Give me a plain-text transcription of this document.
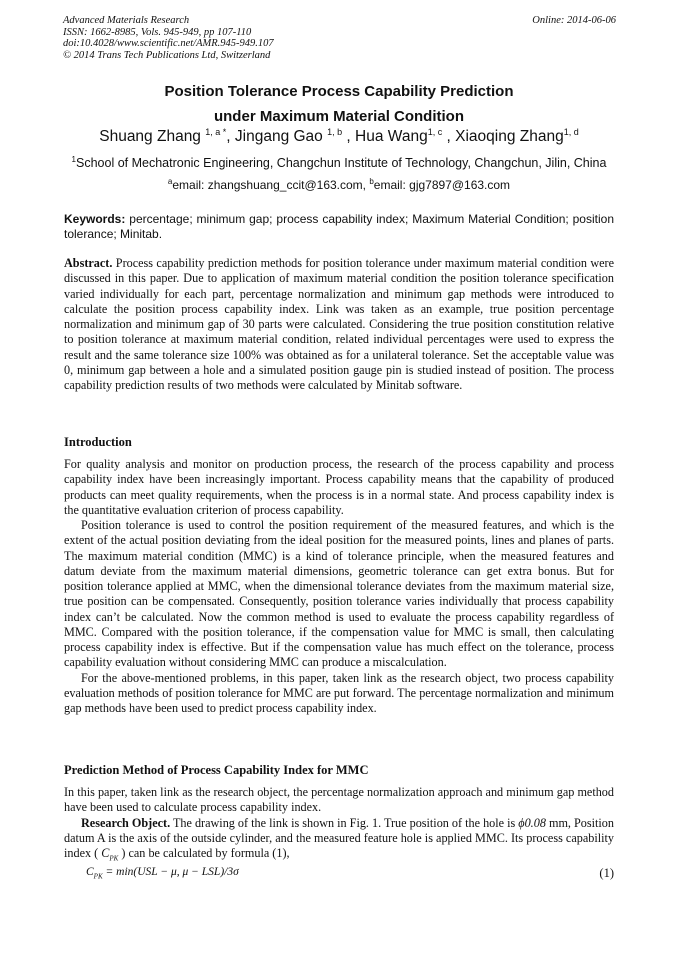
Advanced Materials Research
ISSN: 1662-8985, Vols. 945-949, pp 107-110
doi:10.4028/www.scientific.net/AMR.945-949.107
© 2014 Trans Tech Publications Ltd, Switzerland
Online: 2014-06-06
Position Tolerance Process Capability Prediction
under Maximum Material Condition
Shuang Zhang $^{1, a *}$, Jingang Gao $^{1, b}$ , Hua Wang$^{1, c}$ , Xiaoqing Zhang$^{1, d}$
$^1$School of Mechatronic Engineering, Changchun Institute of Technology, Changchun, Jilin, China
$^a$email: zhangshuang_ccit@163.com, $^b$email: gjg7897@163.com
Keywords: percentage; minimum gap; process capability index; Maximum Material Condition; position tolerance; Minitab.

Abstract. Process capability prediction methods for position tolerance under maximum material condition were discussed in this paper. Due to application of maximum material condition the position tolerance specification varied individually for each part, percentage normalization and minimum gap methods were introduced to calculate the position process capability index. Link was taken as an example, true position percentage normalization and minimum gap of 30 parts were calculated. Considering the true position constitution relative to position tolerance at maximum material condition, related individual percentages were used to express the result and the same tolerance size 100% was obtained as for a unilateral tolerance. Set the acceptable value was 0, minimum gap between a hole and a simulated position gauge pin is studied instead of position. The process capability prediction results of two methods were calculated by Minitab software.

Introduction

For quality analysis and monitor on production process, the research of the process capability and process capability index have been increasingly important. Process capability means that the capability of produced products can meet quality requirements, when the process is in a normal state. And process capability index is the quantitative evaluation criterion of process capability.

Position tolerance is used to control the position requirement of the measured features, and which is the extent of the actual position deviating from the ideal position for the measured points, lines and planes of parts. The maximum material condition (MMC) is a kind of tolerance principle, when the measured features and datum deviate from the maximum material dimensions, geometric tolerance can get extra bonus. But for position tolerance applied at MMC, when the dimensional tolerance deviates from the maximum material size, true position can be compensated. Consequently, position tolerance varies individually that process capability index can’t be calculated. Now the common method is used to evaluate the process capability regardless of MMC. Compared with the position tolerance, if the compensation value for MMC is small, then calculating process capability index is effective. But if the compensation value has much effect on the tolerance, process capability evaluation without considering MMC can produce a miscalculation.

For the above-mentioned problems, in this paper, taken link as the research object, two process capability evaluation methods of position tolerance for MMC are put forward. The percentage normalization and minimum gap methods have been used to predict process capability index.

Prediction Method of Process Capability Index for MMC

In this paper, taken link as the research object, the percentage normalization approach and minimum gap method have been used to calculate process capability index.

Research Object. The drawing of the link is shown in Fig. 1. True position of the hole is ϕ0.08 mm, Position datum A is the axis of the outside cylinder, and the measured feature hole is applied MMC. Its process capability index ( $C_{PK}$ ) can be calculated by formula (1),

$C_{PK} = \min(USL - \mu$, μ − LSL)/3σ	(1)
